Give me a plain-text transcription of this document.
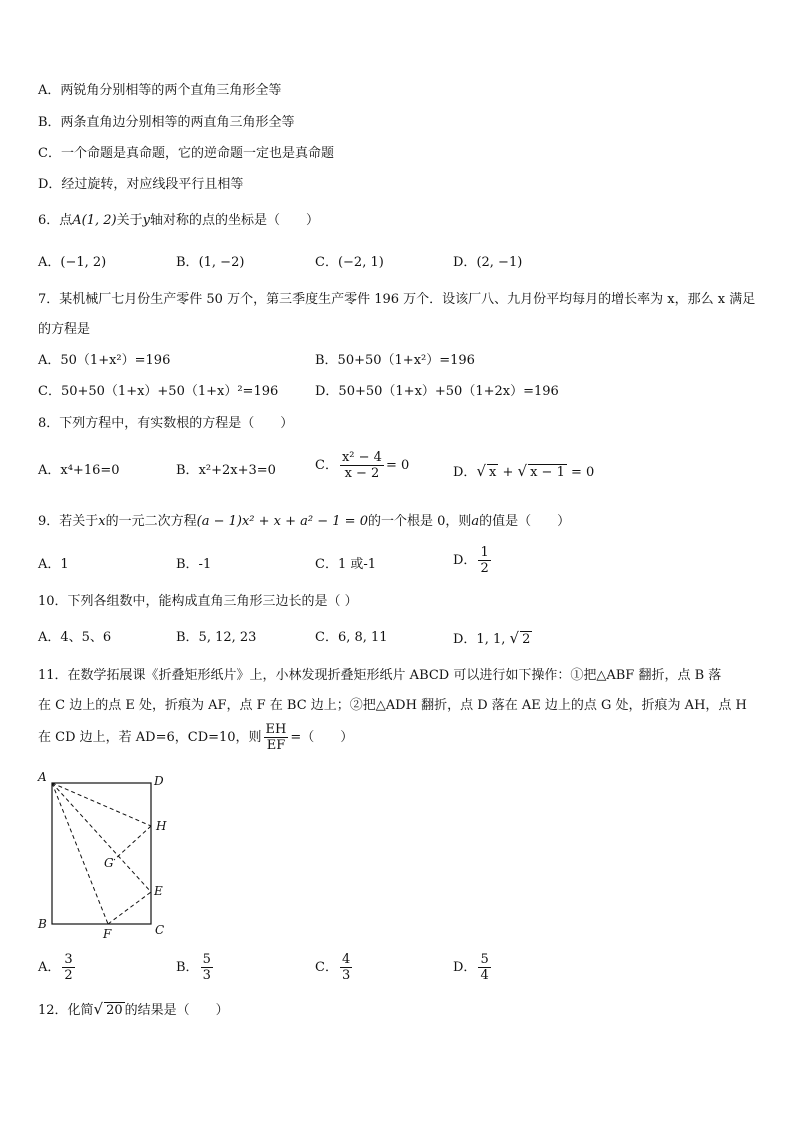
A．两锐角分别相等的两个直角三角形全等
B．两条直角边分别相等的两直角三角形全等
C．一个命题是真命题，它的逆命题一定也是真命题
D．经过旋转，对应线段平行且相等
6．点A(1, 2)关于y轴对称的点的坐标是（　　）
A．(−1, 2)	B．(1, −2)	C．(−2, 1)	D．(2, −1)
7．某机械厂七月份生产零件 50 万个，第三季度生产零件 196 万个．设该厂八、九月份平均每月的增长率为 x，那么 x 满足的方程是
A．50（1+x²）=196	B．50+50（1+x²）=196
C．50+50（1+x）+50（1+x）²=196	D．50+50（1+x）+50（1+2x）=196
8．下列方程中，有实数根的方程是（　　）
A．x⁴+16=0	B．x²+2x+3=0	C． $\frac{\text{x² − 4}}{x - 2} = 0$	D．√ x + √ x − 1 = 0
9．若关于x的一元二次方程(a − 1)x² + x + a² − 1 = 0的一个根是 0，则a的值是（　　）
A．1	B．-1	C．1 或-1	D． $\frac{1}{2}$
10．下列各组数中，能构成直角三角形三边长的是（ ）
A．4、5、6	B．5, 12, 23	C．6, 8, 11	D．1, 1, √ 2
11．在数学拓展课《折叠矩形纸片》上，小林发现折叠矩形纸片 ABCD 可以进行如下操作：①把△ABF 翻折，点 B 落
在 C 边上的点 E 处，折痕为 AF，点 F 在 BC 边上；②把△ADH 翻折，点 D 落在 AE 边上的点 G 处，折痕为 AH，点 H
在 CD 边上，若 AD=6，CD=10，则 $\frac{EH}{EF}$ =（　　）
A	D
H
G
E
B
F	C
A． $\frac{3}{2}$	B． $\frac{5}{3}$	C． $\frac{4}{3}$	D． $\frac{5}{4}$
12．化简√ 20 的结果是（　　）
